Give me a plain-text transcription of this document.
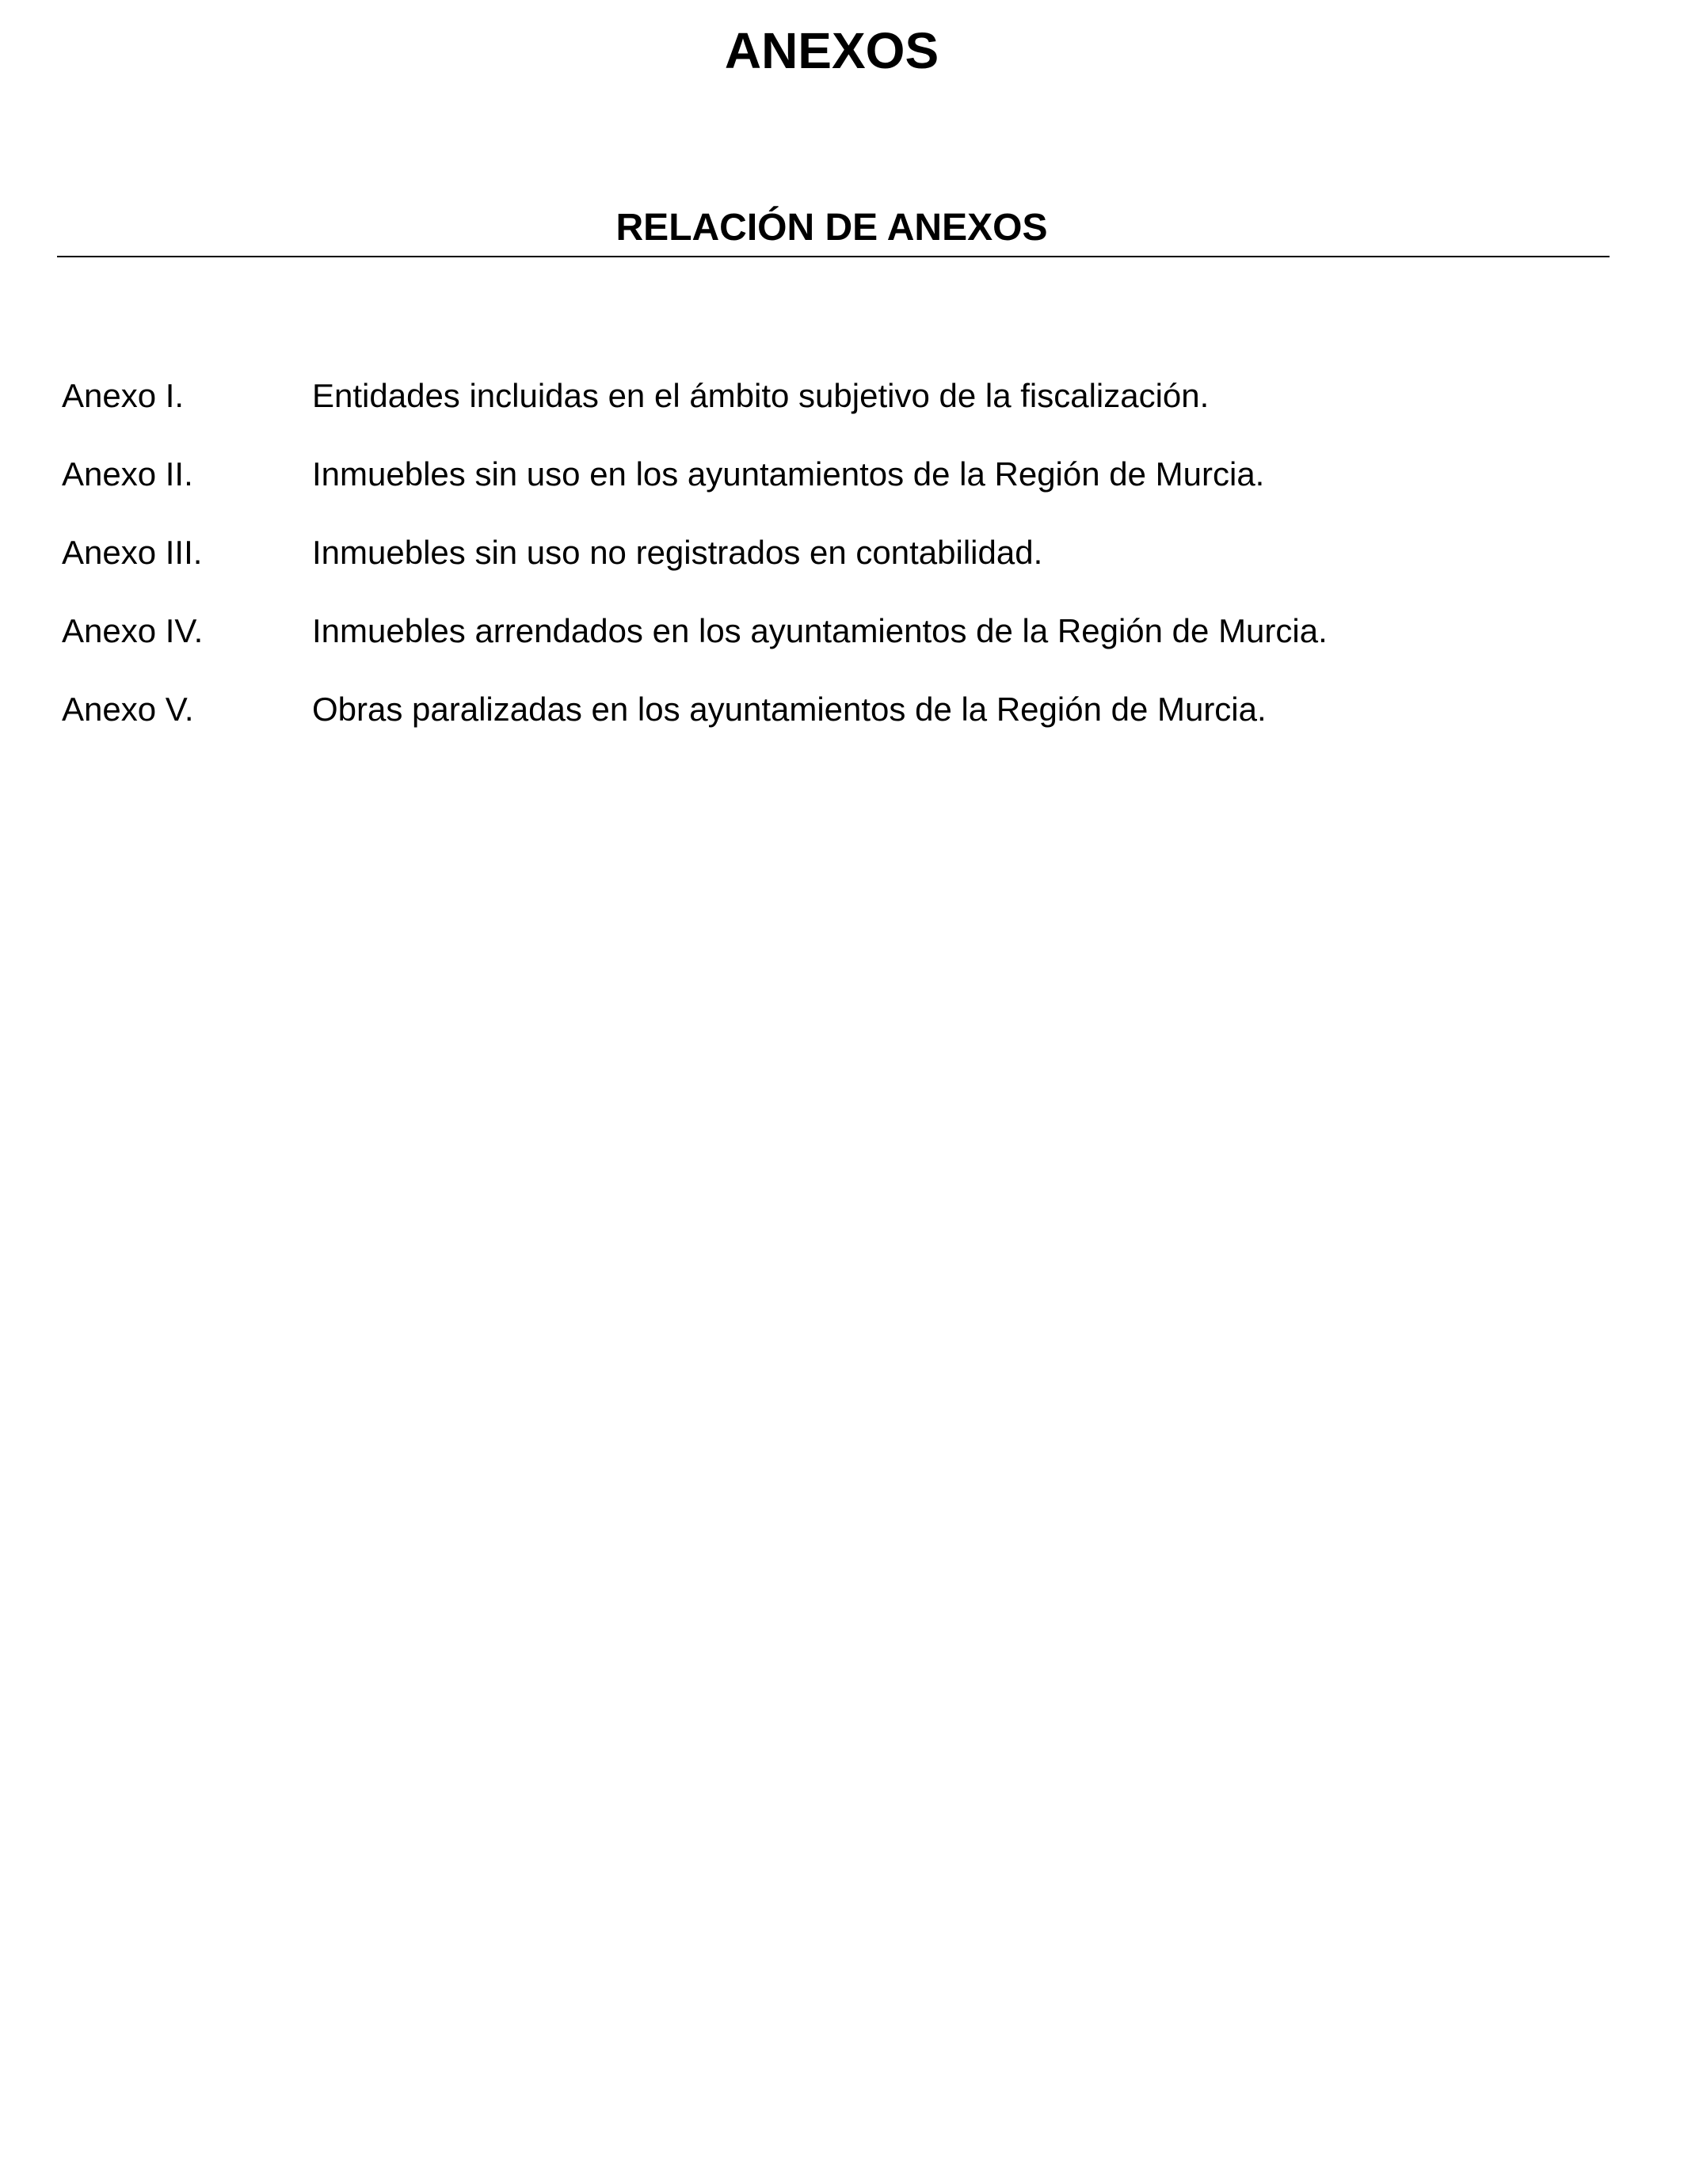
ANEXOS
RELACIÓN DE ANEXOS
Anexo I.	Entidades incluidas en el ámbito subjetivo de la fiscalización.
Anexo II.	Inmuebles sin uso en los ayuntamientos de la Región de Murcia.
Anexo III.	Inmuebles sin uso no registrados en contabilidad.
Anexo IV.	Inmuebles arrendados en los ayuntamientos de la Región de Murcia.
Anexo V.	Obras paralizadas en los ayuntamientos de la Región de Murcia.
